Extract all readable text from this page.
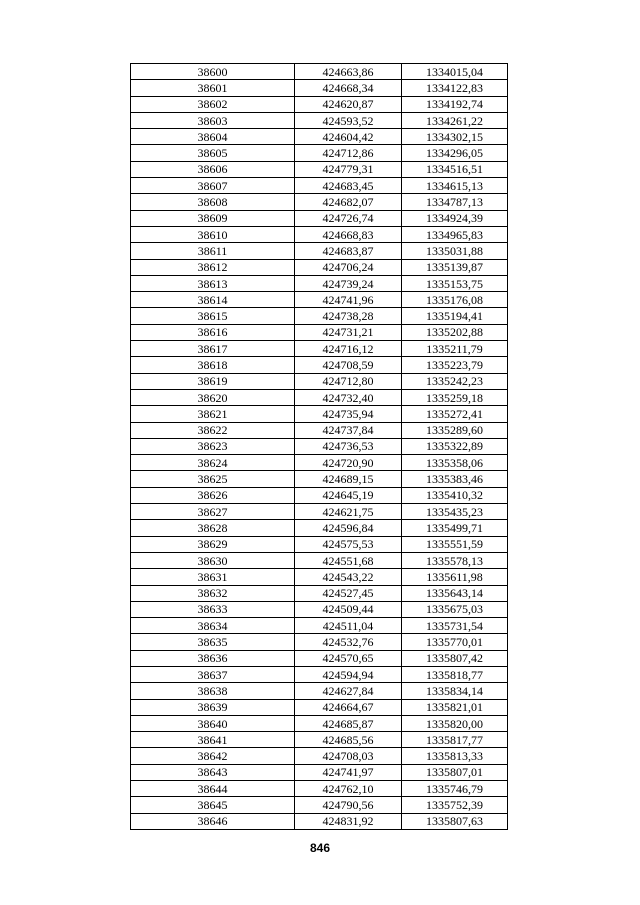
38600	424663,86	1334015,04
38601	424668,34	1334122,83
38602	424620,87	1334192,74
38603	424593,52	1334261,22
38604	424604,42	1334302,15
38605	424712,86	1334296,05
38606	424779,31	1334516,51
38607	424683,45	1334615,13
38608	424682,07	1334787,13
38609	424726,74	1334924,39
38610	424668,83	1334965,83
38611	424683,87	1335031,88
38612	424706,24	1335139,87
38613	424739,24	1335153,75
38614	424741,96	1335176,08
38615	424738,28	1335194,41
38616	424731,21	1335202,88
38617	424716,12	1335211,79
38618	424708,59	1335223,79
38619	424712,80	1335242,23
38620	424732,40	1335259,18
38621	424735,94	1335272,41
38622	424737,84	1335289,60
38623	424736,53	1335322,89
38624	424720,90	1335358,06
38625	424689,15	1335383,46
38626	424645,19	1335410,32
38627	424621,75	1335435,23
38628	424596,84	1335499,71
38629	424575,53	1335551,59
38630	424551,68	1335578,13
38631	424543,22	1335611,98
38632	424527,45	1335643,14
38633	424509,44	1335675,03
38634	424511,04	1335731,54
38635	424532,76	1335770,01
38636	424570,65	1335807,42
38637	424594,94	1335818,77
38638	424627,84	1335834,14
38639	424664,67	1335821,01
38640	424685,87	1335820,00
38641	424685,56	1335817,77
38642	424708,03	1335813,33
38643	424741,97	1335807,01
38644	424762,10	1335746,79
38645	424790,56	1335752,39
38646	424831,92	1335807,63
846
